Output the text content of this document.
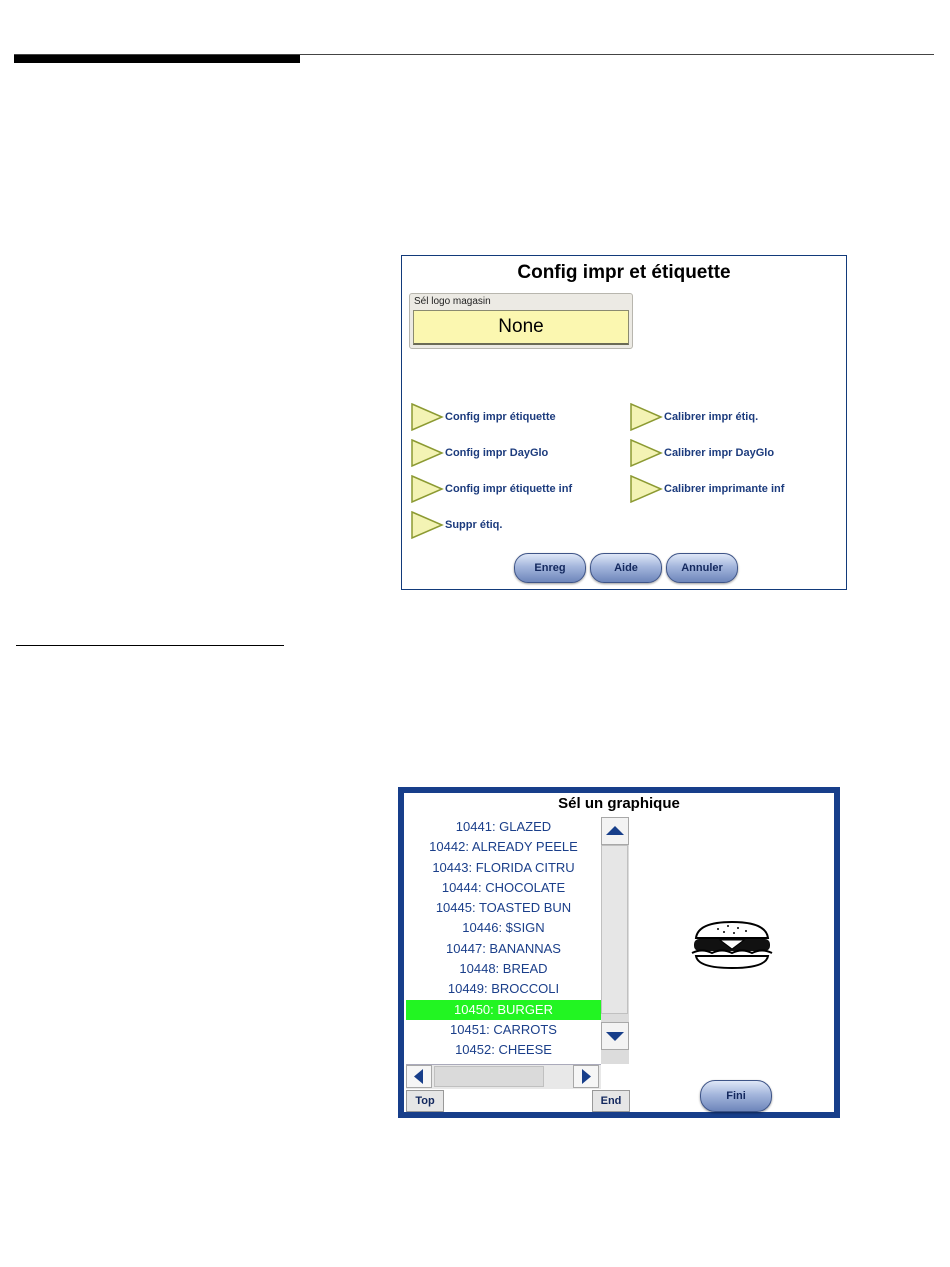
Config impr et étiquette
Sél logo magasin
None
Config impr étiquette
Config impr DayGlo
Config impr étiquette inf
Suppr étiq.
Calibrer impr étiq.
Calibrer impr DayGlo
Calibrer imprimante inf
Enreg	Aide	Annuler
Sél un graphique
10441: GLAZED
10442: ALREADY PEELE
10443: FLORIDA CITRU
10444: CHOCOLATE
10445: TOASTED BUN
10446: $SIGN
10447: BANANNAS
10448: BREAD
10449: BROCCOLI
10450: BURGER
10451: CARROTS
10452: CHEESE
Top	End	Fini
